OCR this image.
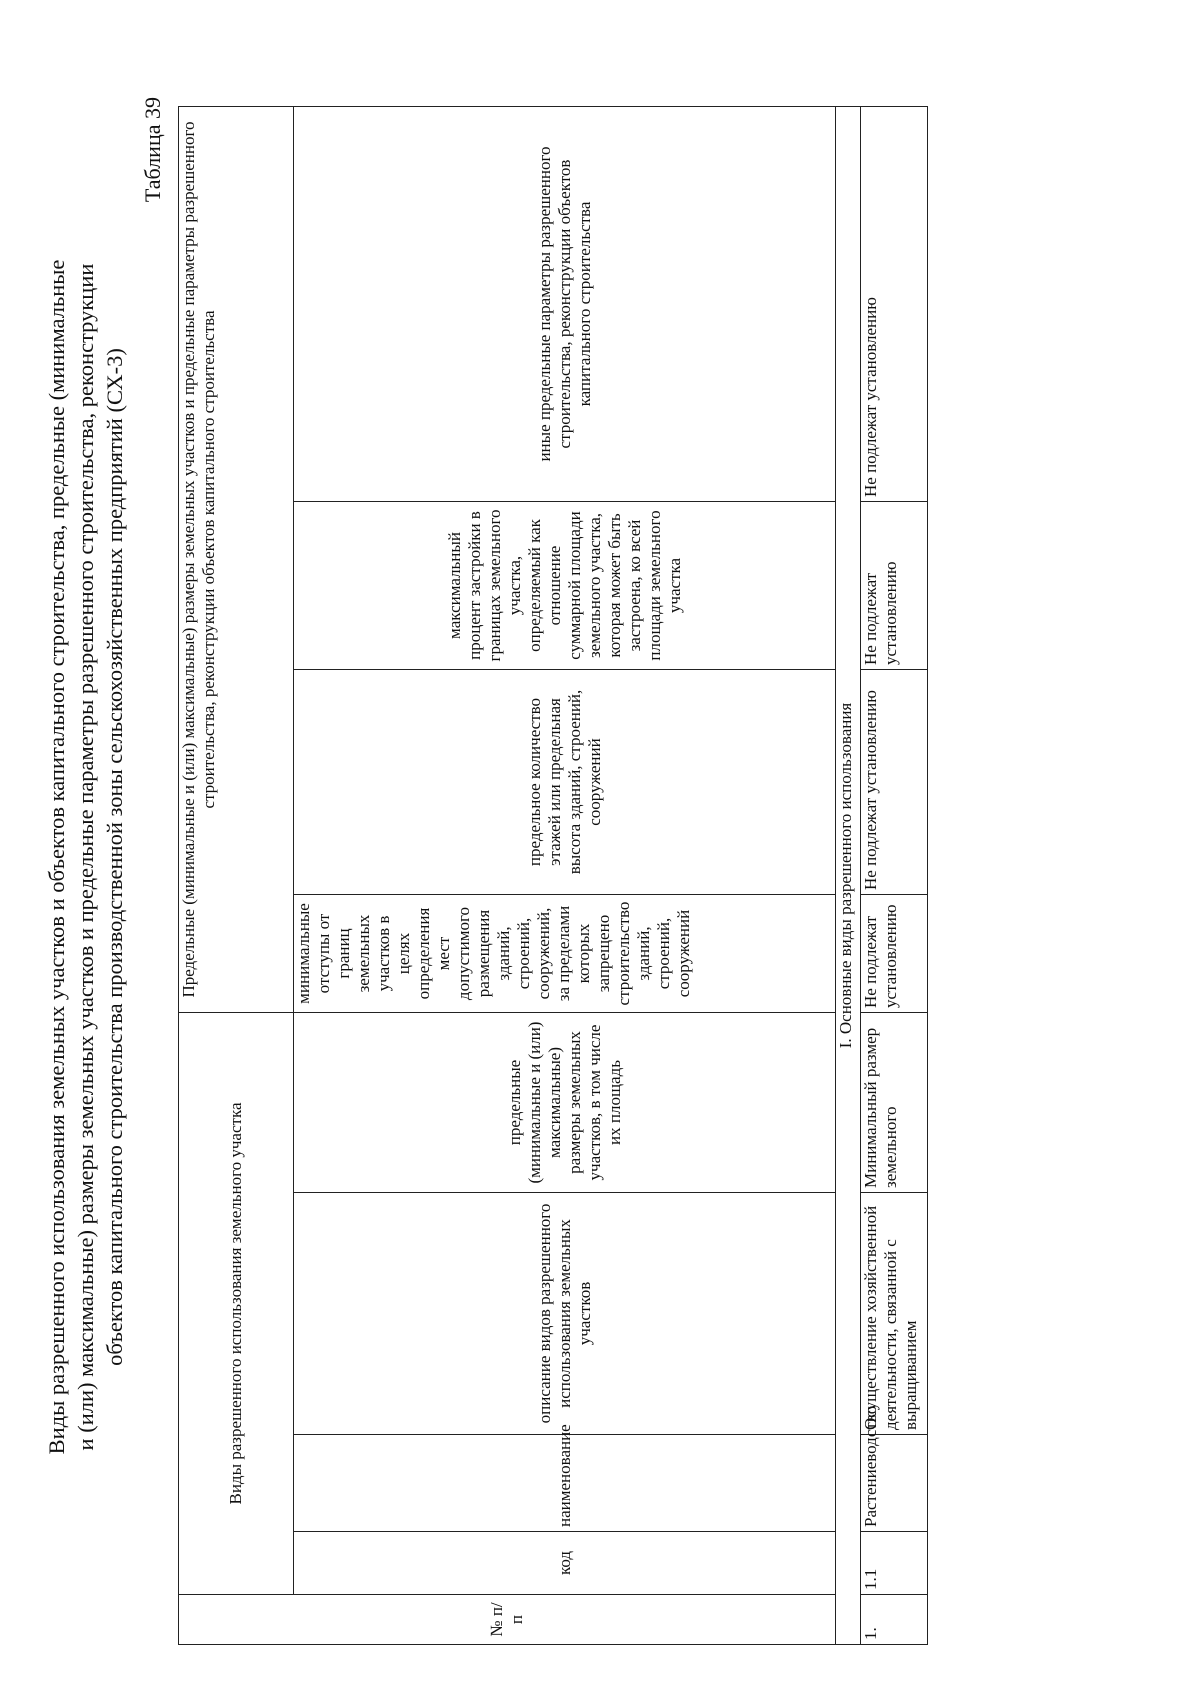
Виды разрешенного использования земельных участков и объектов капитального строительства, предельные (минимальные и (или) максимальные) размеры земельных участков и предельные параметры разрешенного строительства, реконструкции объектов капитального строительства производственной зоны сельскохозяйственных предприятий (СХ-3)
Таблица 39
№ п/п	Виды разрешенного использования земельного участка				Предельные (минимальные и (или) максимальные) размеры земельных участков и предельные параметры разрешенного строительства, реконструкции объектов капитального строительства			
	код	наименование	описание видов разрешенного использования земельных участков	предельные (минимальные и (или) максимальные) размеры земельных участков, в том числе их площадь	минимальные отступы от границ земельных участков в целях определения мест допустимого размещения зданий, строений, сооружений, за пределами которых запрещено строительство зданий, строений, сооружений	предельное количество этажей или предельная высота зданий, строений, сооружений	максимальный процент застройки в границах земельного участка, определяемый как отношение суммарной площади земельного участка, которая может быть застроена, ко всей площади земельного участка	иные предельные параметры разрешенного строительства, реконструкции объектов капитального строительства
I. Основные виды разрешенного использования								
1.	1.1	Растениеводство	Осуществление хозяйственной деятельности, связанной с выращиванием	Минимальный размер земельного	Не подлежат установлению	Не подлежат установлению	Не подлежат установлению	Не подлежат установлению
